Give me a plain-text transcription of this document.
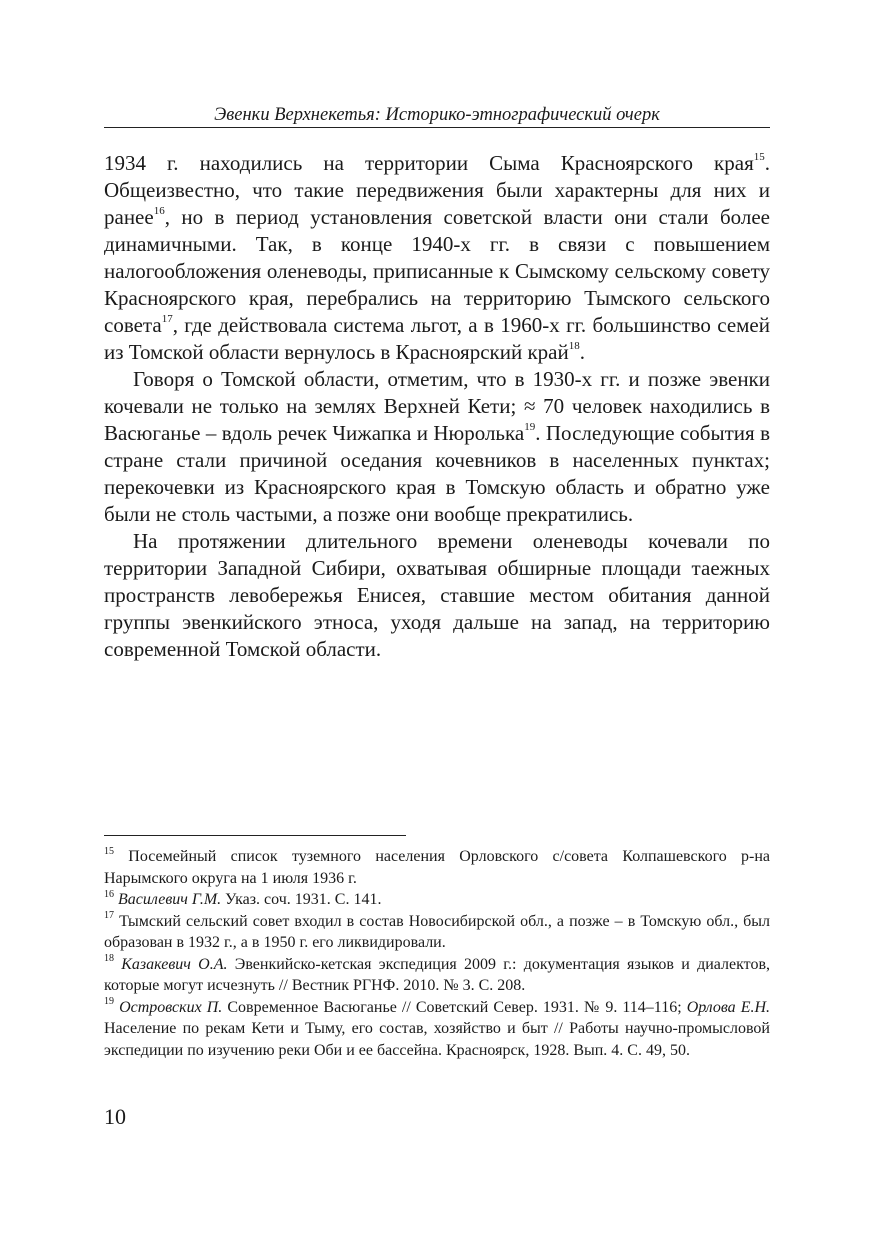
Эвенки Верхнекетья: Историко-этнографический очерк

1934 г. находились на территории Сыма Красноярского края$^{15}$. Общеизвестно, что такие передвижения были характерны для них и ранее$^{16}$, но в период установления советской власти они стали более динамичными. Так, в конце 1940-х гг. в связи с повышением налогообложения оленеводы, приписанные к Сымскому сельскому совету Красноярского края, перебрались на территорию Тымского сельского совета$^{17}$, где действовала система льгот, а в 1960-х гг. большинство семей из Томской области вернулось в Красноярский край$^{18}$.

Говоря о Томской области, отметим, что в 1930-х гг. и позже эвенки кочевали не только на землях Верхней Кети; ≈ 70 человек находились в Васюганье – вдоль речек Чижапка и Нюролька$^{19}$. Последующие события в стране стали причиной оседания кочевников в населенных пунктах; перекочевки из Красноярского края в Томскую область и обратно уже были не столь частыми, а позже они вообще прекратились.

На протяжении длительного времени оленеводы кочевали по территории Западной Сибири, охватывая обширные площади таежных пространств левобережья Енисея, ставшие местом обитания данной группы эвенкийского этноса, уходя дальше на запад, на территорию современной Томской области.

$^{15}$ Посемейный список туземного населения Орловского с/совета Колпашевского р-на Нарымского округа на 1 июля 1936 г.

$^{16}$ Василевич Г.М. Указ. соч. 1931. С. 141.

$^{17}$ Тымский сельский совет входил в состав Новосибирской обл., а позже – в Томскую обл., был образован в 1932 г., а в 1950 г. его ликвидировали.

$^{18}$ Казакевич О.А. Эвенкийско-кетская экспедиция 2009 г.: документация языков и диалектов, которые могут исчезнуть // Вестник РГНФ. 2010. № 3. С. 208.

$^{19}$ Островских П. Современное Васюганье // Советский Север. 1931. № 9. 114–116; Орлова Е.Н. Население по рекам Кети и Тыму, его состав, хозяйство и быт // Работы научно-промысловой экспедиции по изучению реки Оби и ее бассейна. Красноярск, 1928. Вып. 4. С. 49, 50.

10
